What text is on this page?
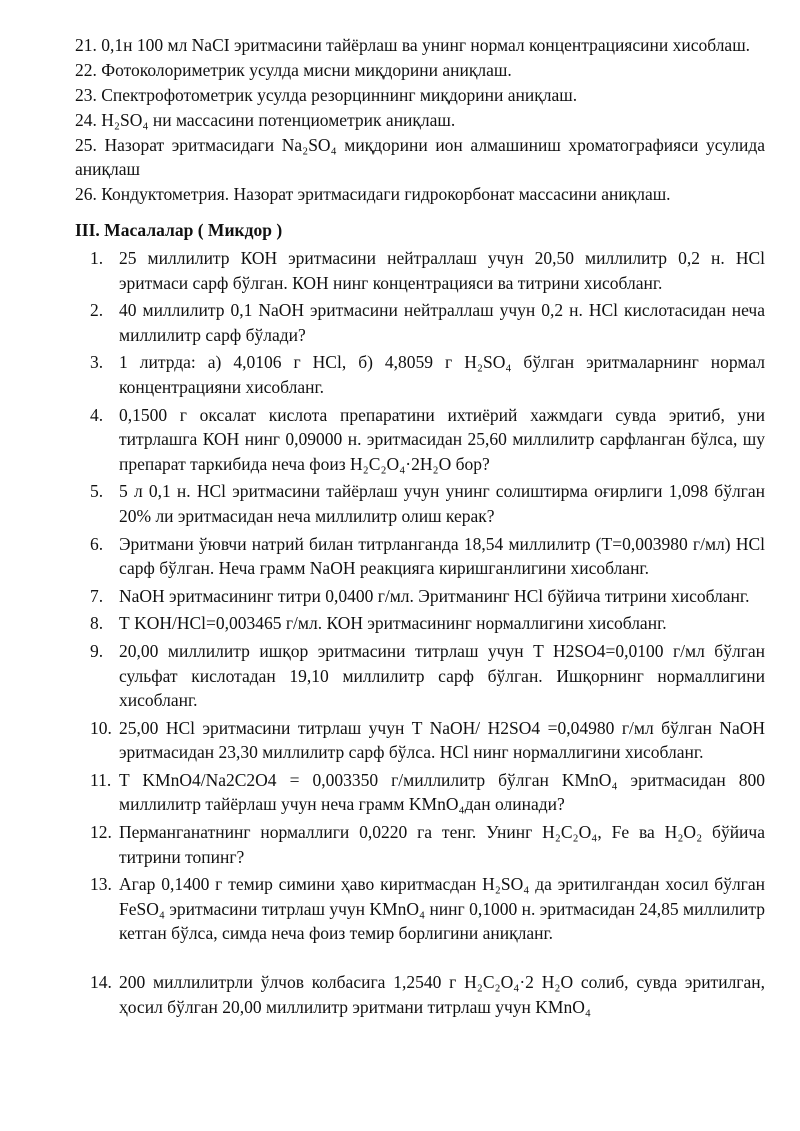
21. 0,1н 100 мл NaCI эритмасини тайёрлаш ва унинг нормал концентрациясини хисоблаш.

22. Фотоколориметрик усулда мисни миқдорини аниқлаш.

23. Спектрофотометрик усулда резорциннинг миқдорини аниқлаш.

24. H₂SO₄ ни массасини потенциометрик аниқлаш.

25. Назорат эритмасидаги Na₂SO₄ миқдорини ион алмашиниш хроматографияси усулида аниқлаш

26. Кондуктометрия. Назорат эритмасидаги гидрокорбонат массасини аниқлаш.

III. Масалалар ( Микдор )

1. 25 миллилитр КОН эритмасини нейтраллаш учун 20,50 миллилитр 0,2 н. HCl эритмаси сарф бўлган. КОН нинг концентрацияси ва титрини хисобланг.
2. 40 миллилитр 0,1 NaOH эритмасини нейтраллаш учун 0,2 н. HCl кислотасидан неча миллилитр сарф бўлади?
3. 1 литрда: а) 4,0106 г HCl, б) 4,8059 г H₂SO₄ бўлган эритмаларнинг нормал концентрацияни хисобланг.
4. 0,1500 г оксалат кислота препаратини ихтиёрий хажмдаги сувда эритиб, уни титрлашга КОН нинг 0,09000 н. эритмасидан 25,60 миллилитр сарфланган бўлса, шу препарат таркибида неча фоиз H₂C₂O₄·2H₂O бор?
5. 5 л 0,1 н. HCl эритмасини тайёрлаш учун унинг солиштирма оғирлиги 1,098 бўлган 20% ли эритмасидан неча миллилитр олиш керак?
6. Эритмани ўювчи натрий билан титрланганда 18,54 миллилитр (Т=0,003980 г/мл) HCl сарф бўлган. Неча грамм NaOH реакцияга киришганлигини хисобланг.
7. NaOH эритмасининг титри 0,0400 г/мл. Эритманинг HCl бўйича титрини хисобланг.
8. Т KOH/HCl=0,003465 г/мл. КОН эритмасининг нормаллигини хисобланг.
9. 20,00 миллилитр ишқор эритмасини титрлаш учун T H2SO4=0,0100 г/мл бўлган сульфат кислотадан 19,10 миллилитр сарф бўлган. Ишқорнинг нормаллигини хисобланг.
10. 25,00 HCl эритмасини титрлаш учун T NaOH/ H2SO4 =0,04980 г/мл бўлган NaOH эритмасидан 23,30 миллилитр сарф бўлса. HCl нинг нормаллигини хисобланг.
11. T KMnO4/Na2C2O4 = 0,003350 г/миллилитр бўлган KMnO₄ эритмасидан 800 миллилитр тайёрлаш учун неча грамм KMnO₄дан олинади?
12. Перманганатнинг нормаллиги 0,0220 га тенг. Унинг H₂C₂O₄, Fe ва H₂O₂ бўйича титрини топинг?
13. Агар 0,1400 г темир симини ҳаво киритмасдан H₂SO₄ да эритилгандан хосил бўлган FeSO₄ эритмасини титрлаш учун KMnO₄ нинг 0,1000 н. эритмасидан 24,85 миллилитр кетган бўлса, симда неча фоиз темир борлигини аниқланг.
14. 200 миллилитрли ўлчов колбасига 1,2540 г H₂C₂O₄·2 H₂O солиб, сувда эритилган, ҳосил бўлган 20,00 миллилитр эритмани титрлаш учун KMnO₄
